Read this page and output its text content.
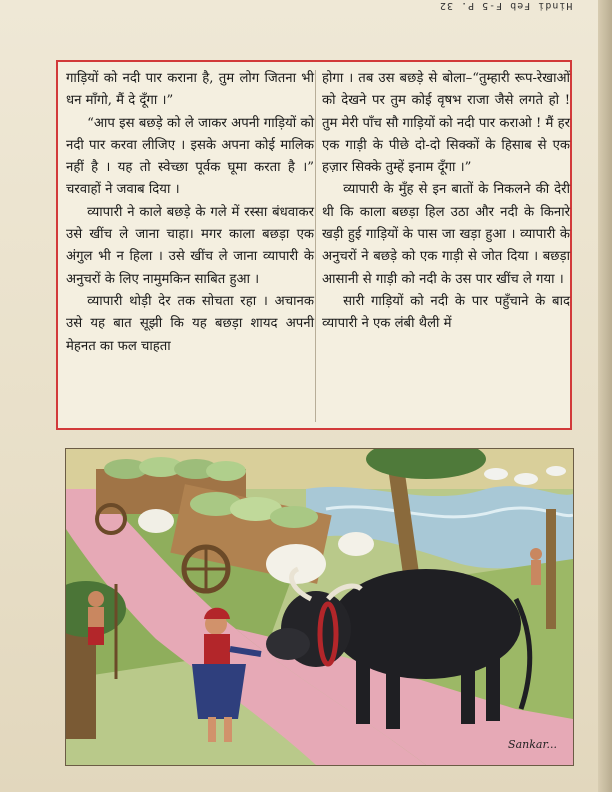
Hindi Feb F-5 P. 32

गाड़ियों को नदी पार कराना है, तुम लोग जितना भी धन माँगो, मैं दे दूँगा ।”

“आप इस बछड़े को ले जाकर अपनी गाड़ियों को नदी पार करवा लीजिए । इसके अपना कोई मालिक नहीं है । यह तो स्वेच्छा पूर्वक घूमा करता है ।” चरवाहों ने जवाब दिया ।

व्यापारी ने काले बछड़े के गले में रस्सा बंधवाकर उसे खींच ले जाना चाहा। मगर काला बछड़ा एक अंगुल भी न हिला । उसे खींच ले जाना व्यापारी के अनुचरों के लिए नामुमकिन साबित हुआ ।

व्यापारी थोड़ी देर तक सोचता रहा । अचानक उसे यह बात सूझी कि यह बछड़ा शायद अपनी मेहनत का फल चाहता

होगा । तब उस बछड़े से बोला–“तुम्हारी रूप-रेखाओं को देखने पर तुम कोई वृषभ राजा जैसे लगते हो ! तुम मेरी पाँच सौ गाड़ियों को नदी पार कराओ ! मैं हर एक गाड़ी के पीछे दो-दो सिक्कों के हिसाब से एक हज़ार सिक्के तुम्हें इनाम दूँगा ।”

व्यापारी के मुँह से इन बातों के निकलने की देरी थी कि काला बछड़ा हिल उठा और नदी के किनारे खड़ी हुई गाड़ियों के पास जा खड़ा हुआ । व्यापारी के अनुचरों ने बछड़े को एक गाड़ी से जोत दिया । बछड़ा आसानी से गाड़ी को नदी के उस पार खींच ले गया ।

सारी गाड़ियों को नदी के पार पहुँचाने के बाद व्यापारी ने एक लंबी थैली में

Sankar...
